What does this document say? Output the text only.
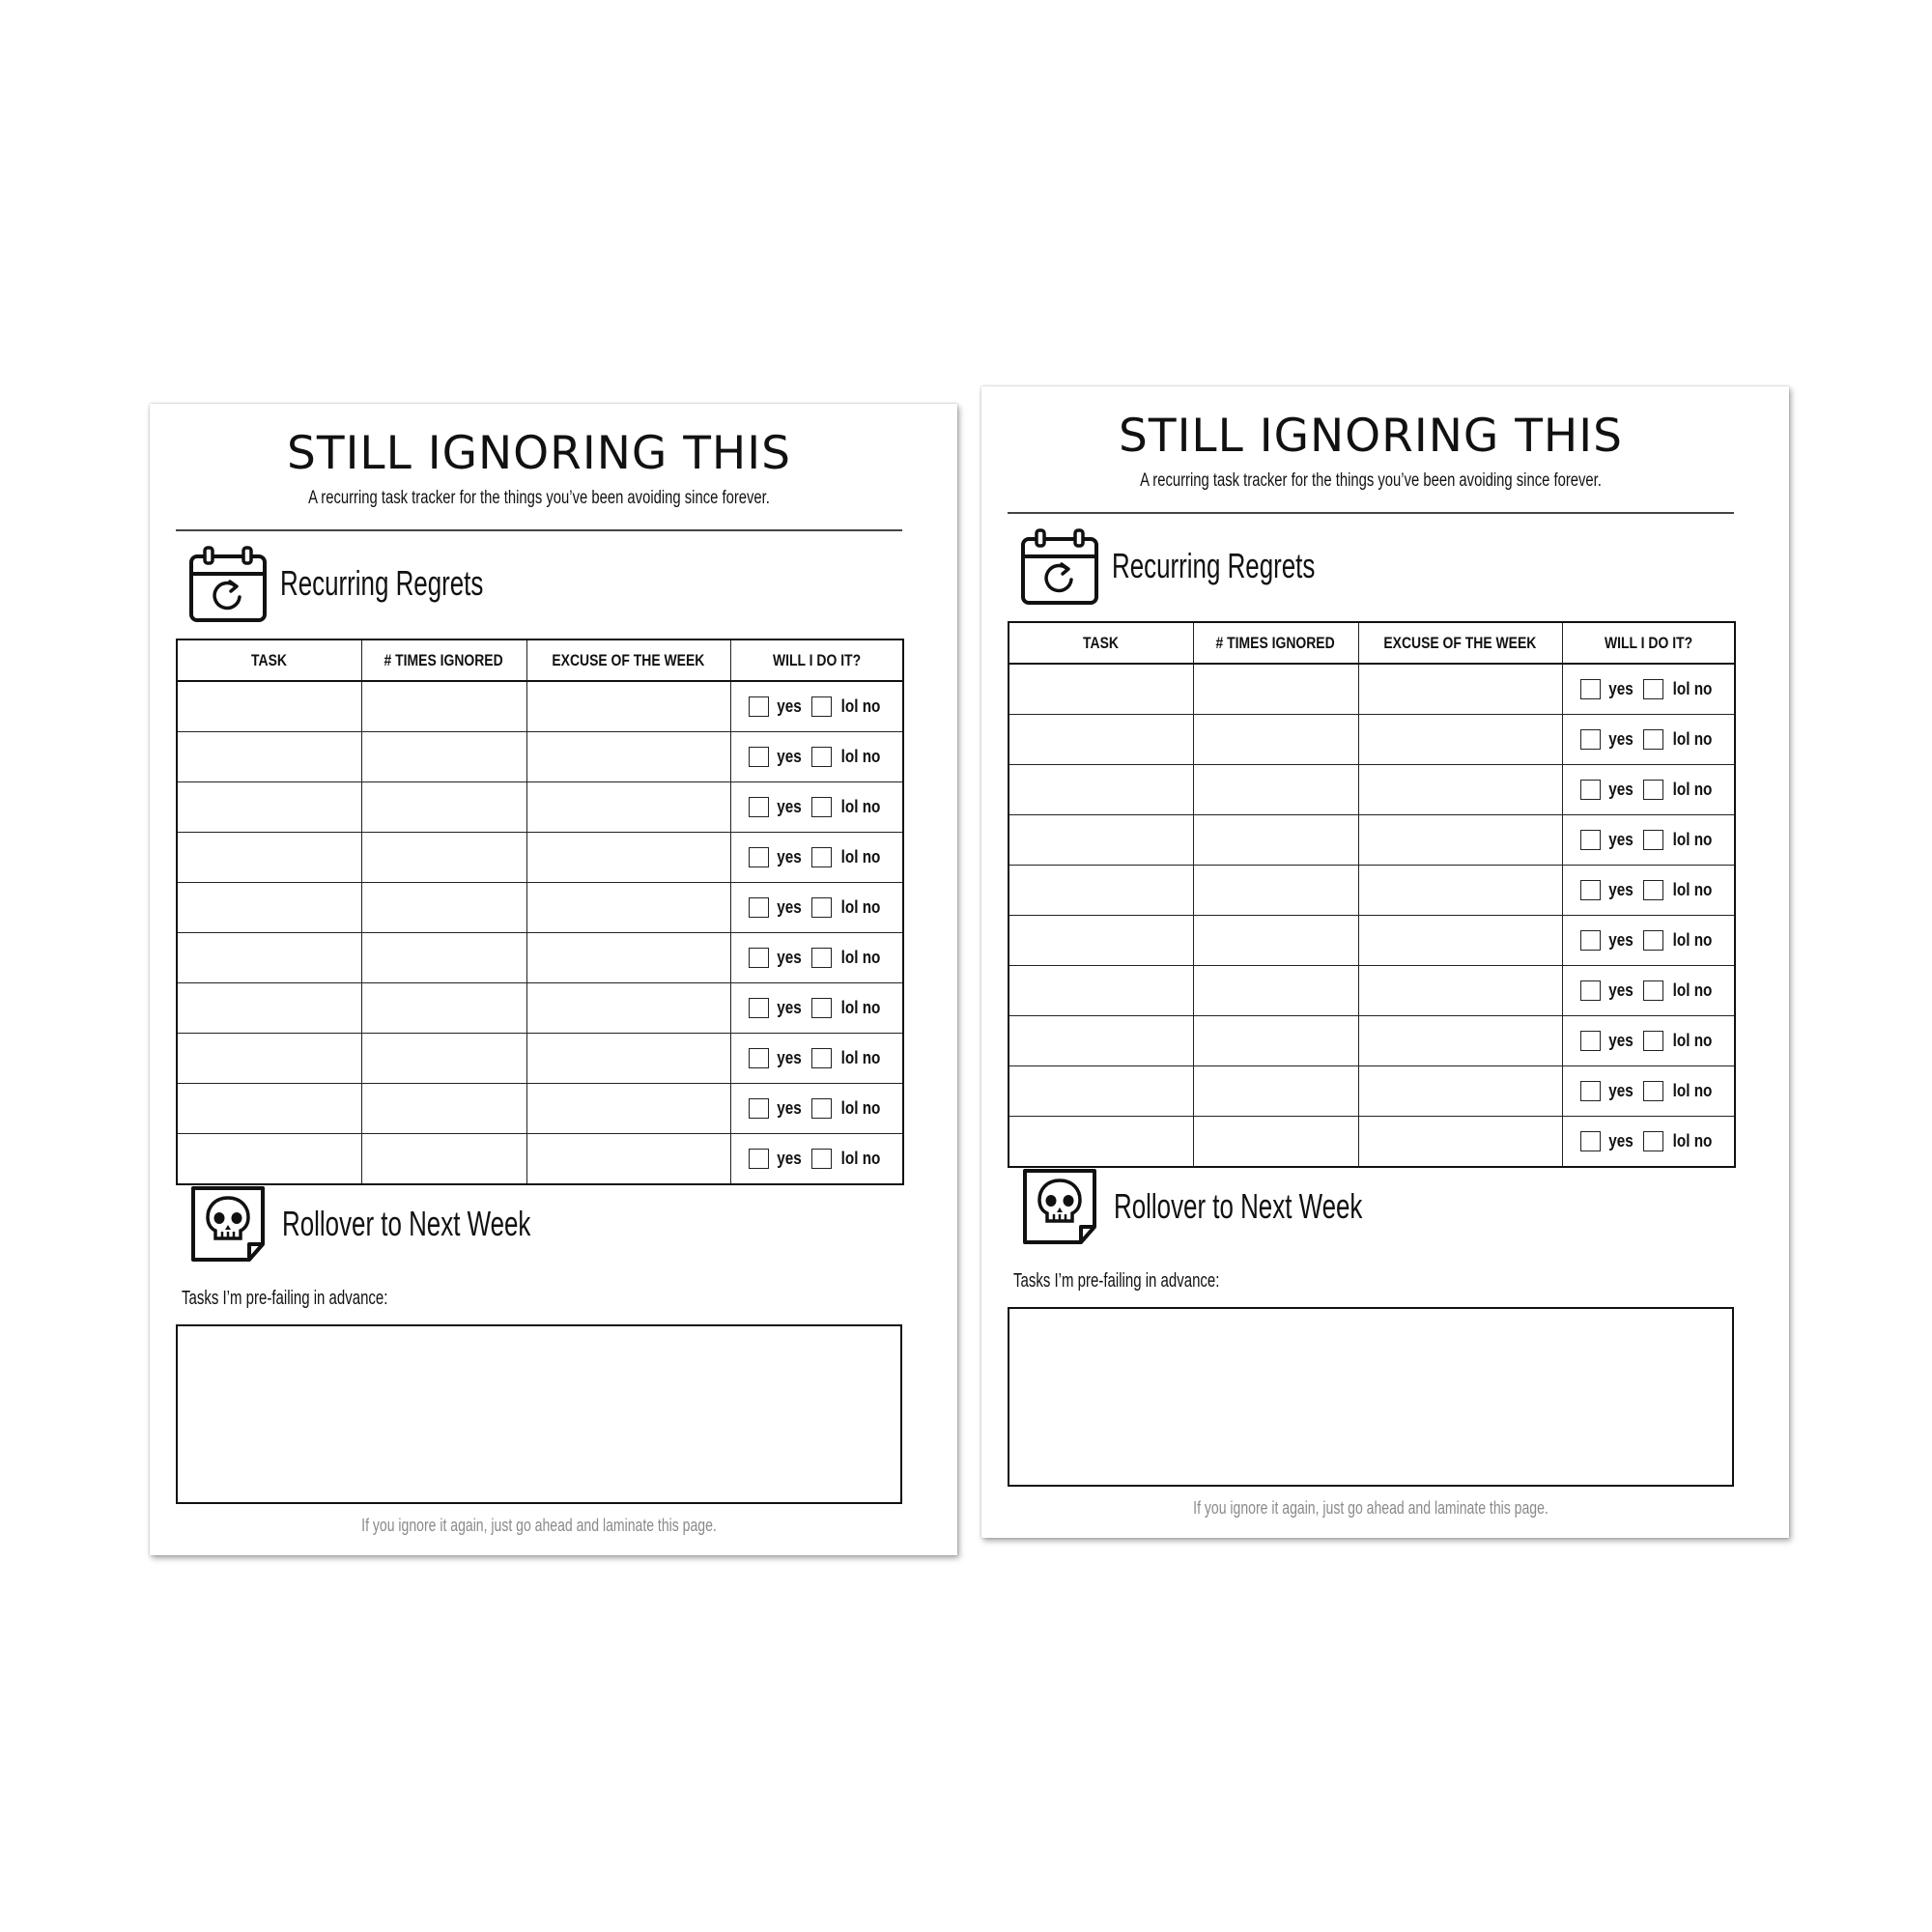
STILL IGNORING THIS
A recurring task tracker for the things you’ve been avoiding since forever.
Recurring Regrets
TASK	# TIMES IGNORED	EXCUSE OF THE WEEK	WILL I DO IT?

			yes lol no

			yes lol no

			yes lol no

			yes lol no

			yes lol no

			yes lol no

			yes lol no

			yes lol no

			yes lol no

			yes lol no
Rollover to Next Week
Tasks I’m pre-failing in advance:
If you ignore it again, just go ahead and laminate this page.
STILL IGNORING THIS
A recurring task tracker for the things you’ve been avoiding since forever.
Recurring Regrets
TASK	# TIMES IGNORED	EXCUSE OF THE WEEK	WILL I DO IT?

			yes lol no

			yes lol no

			yes lol no

			yes lol no

			yes lol no

			yes lol no

			yes lol no

			yes lol no

			yes lol no

			yes lol no
Rollover to Next Week
Tasks I’m pre-failing in advance:
If you ignore it again, just go ahead and laminate this page.
